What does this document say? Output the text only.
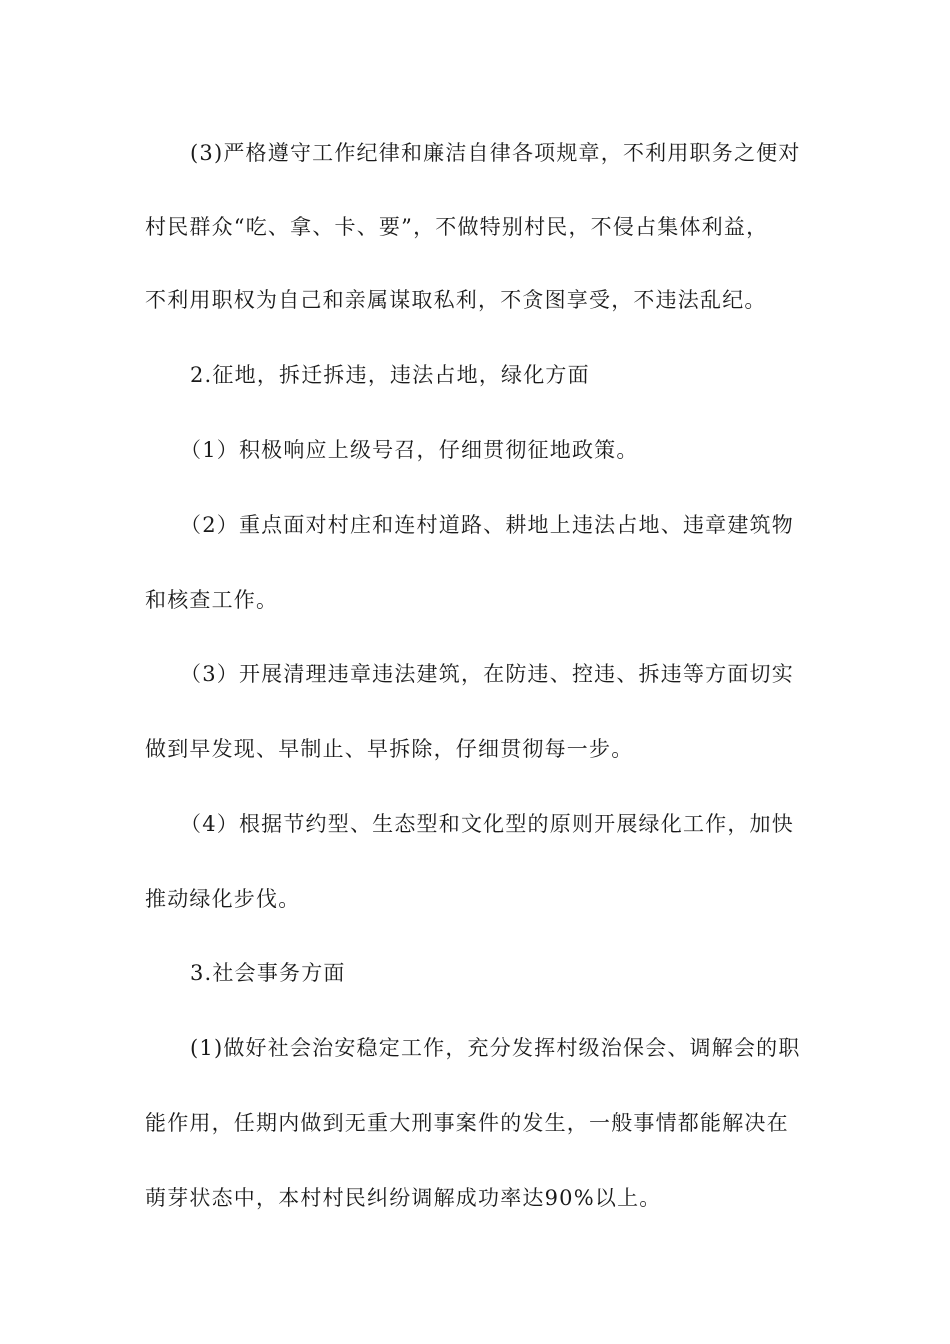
(3)严格遵守工作纪律和廉洁自律各项规章，不利用职务之便对
村民群众“吃、拿、卡、要”，不做特别村民，不侵占集体利益，
不利用职权为自己和亲属谋取私利，不贪图享受，不违法乱纪。
2.征地，拆迁拆违，违法占地，绿化方面
（1）积极响应上级号召，仔细贯彻征地政策。
（2）重点面对村庄和连村道路、耕地上违法占地、违章建筑物
和核查工作。
（3）开展清理违章违法建筑，在防违、控违、拆违等方面切实
做到早发现、早制止、早拆除，仔细贯彻每一步。
（4）根据节约型、生态型和文化型的原则开展绿化工作，加快
推动绿化步伐。
3.社会事务方面
(1)做好社会治安稳定工作，充分发挥村级治保会、调解会的职
能作用，任期内做到无重大刑事案件的发生，一般事情都能解决在
萌芽状态中，本村村民纠纷调解成功率达90%以上。
